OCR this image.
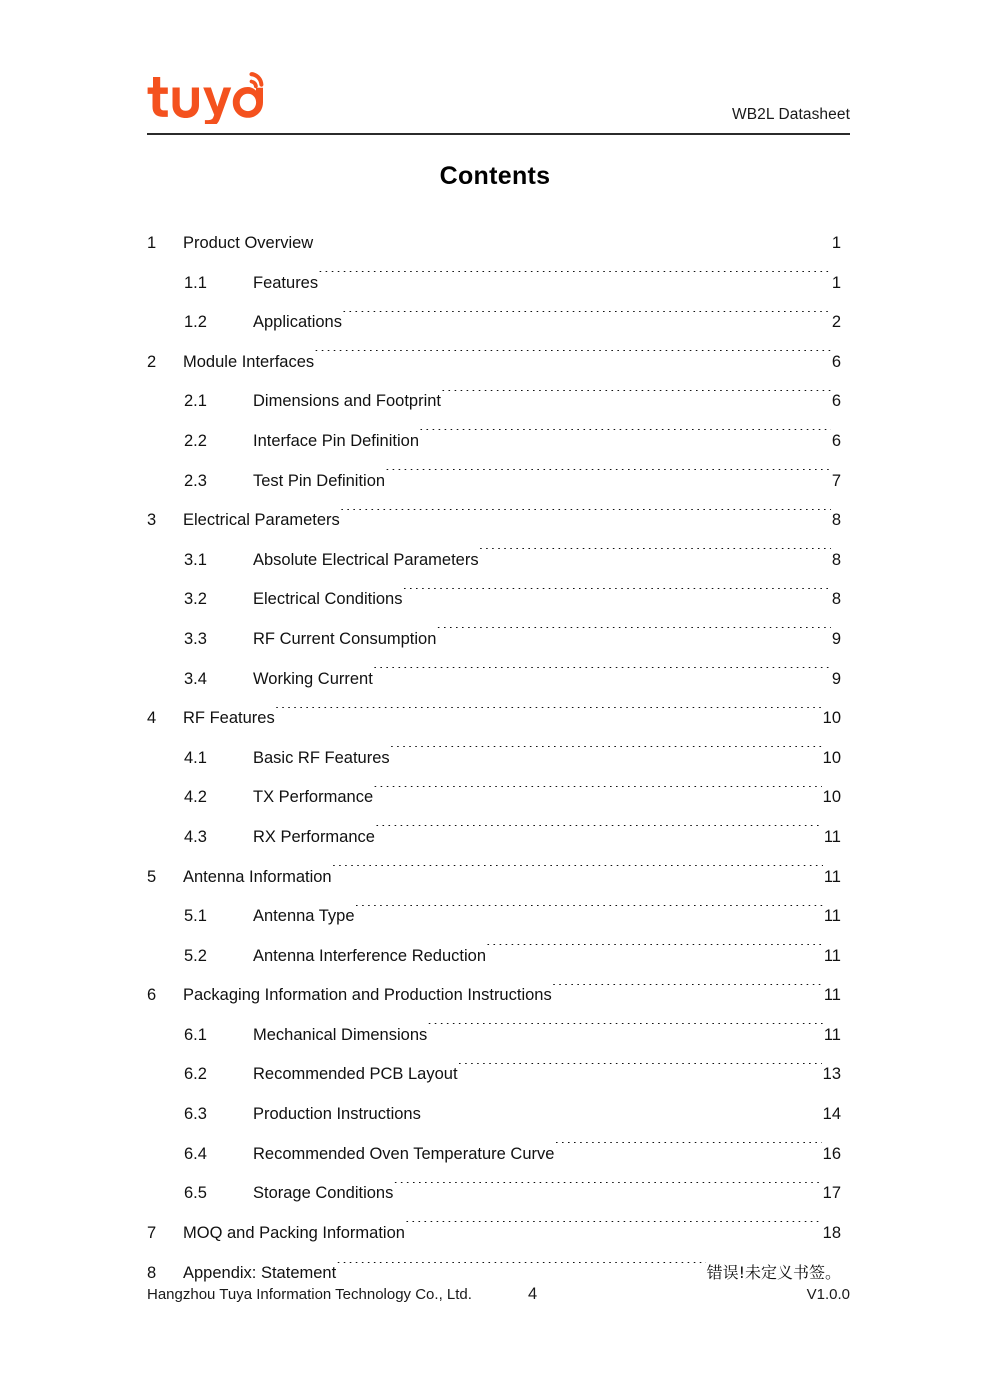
WB2L Datasheet
Contents
1	Product Overview .....	1
1.1	Features .....	1
1.2	Applications .....	2
2	Module Interfaces .....	6
2.1	Dimensions and Footprint .....	6
2.2	Interface Pin Definition .....	6
2.3	Test Pin Definition .....	7
3	Electrical Parameters .....	8
3.1	Absolute Electrical Parameters .....	8
3.2	Electrical Conditions .....	8
3.3	RF Current Consumption .....	9
3.4	Working Current .....	9
4	RF Features .....	10
4.1	Basic RF Features .....	10
4.2	TX Performance .....	10
4.3	RX Performance .....	11
5	Antenna Information .....	11
5.1	Antenna Type .....	11
5.2	Antenna Interference Reduction .....	11
6	Packaging Information and Production Instructions .....	11
6.1	Mechanical Dimensions .....	11
6.2	Recommended PCB Layout .....	13
6.3	Production Instructions .....	14
6.4	Recommended Oven Temperature Curve .....	16
6.5	Storage Conditions .....	17
7	MOQ and Packing Information .....	18
8	Appendix: Statement .....	错误!未定义书签。
Hangzhou Tuya Information Technology Co., Ltd.	4	V1.0.0
